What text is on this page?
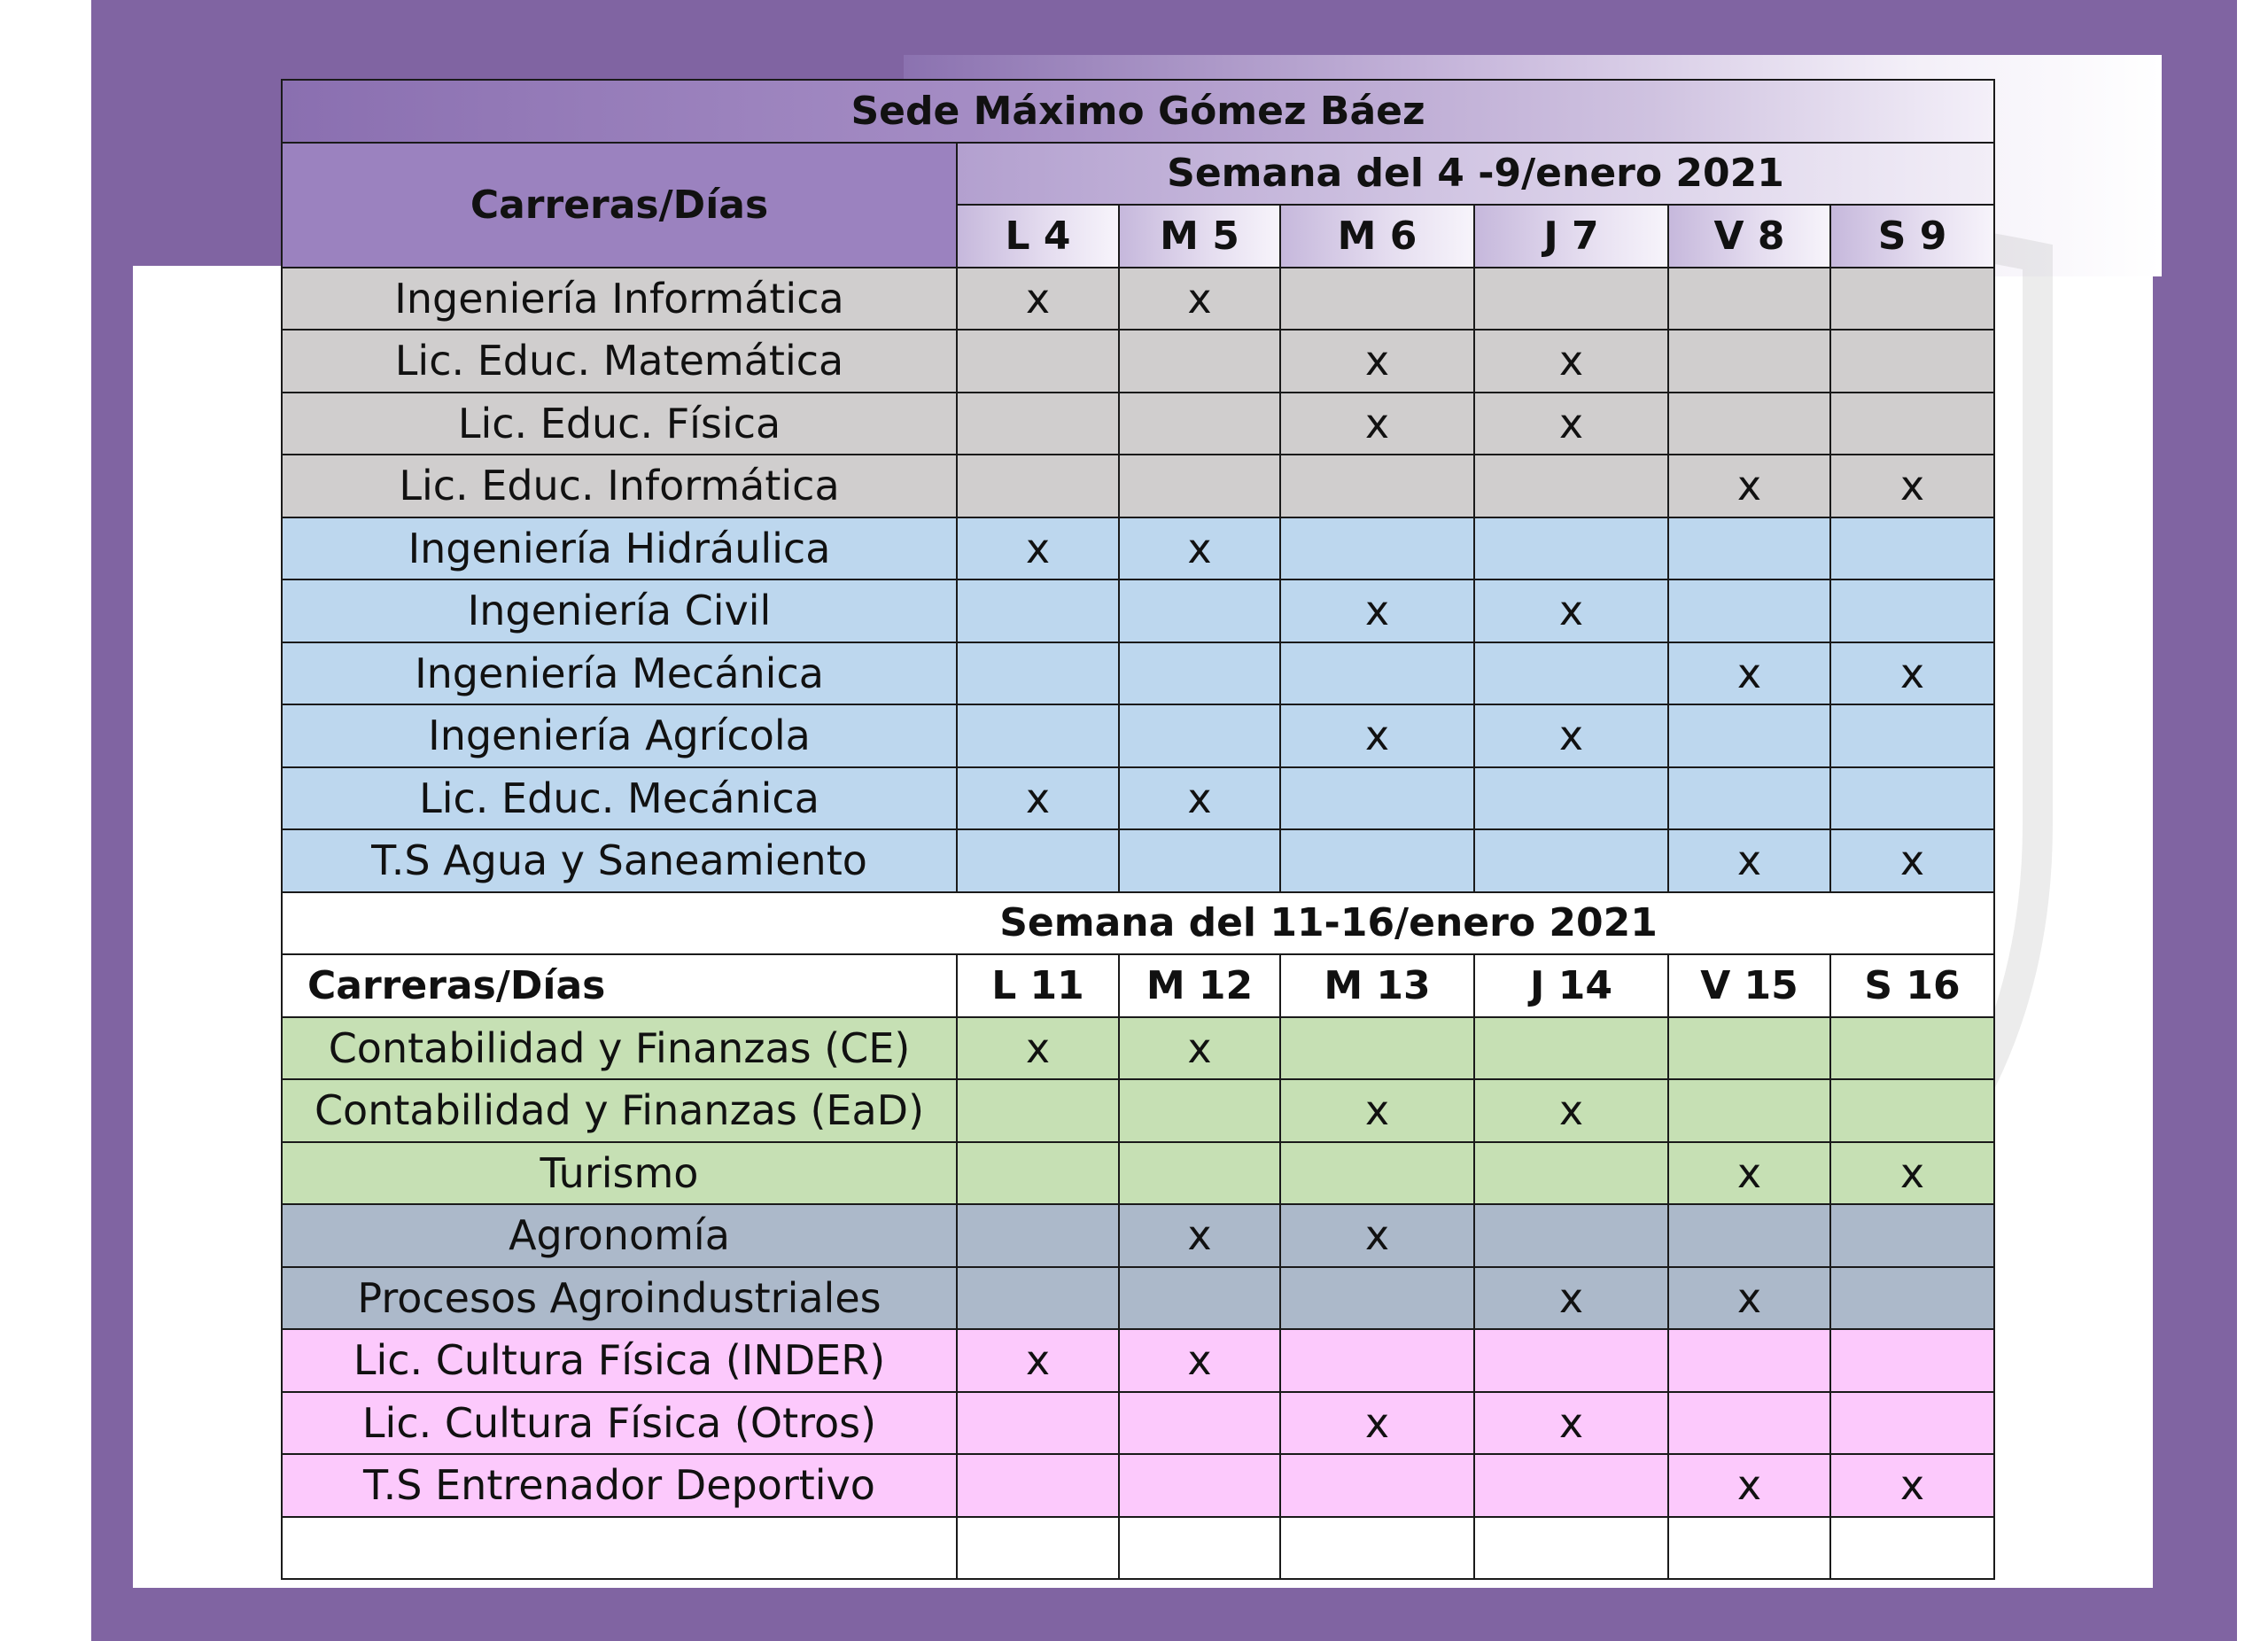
Sede Máximo Gómez Báez						
Carreras/Días	Semana del 4 -9/enero 2021					
	L 4	M 5	M 6	J 7	V 8	S 9
Ingeniería Informática	x	x				
Lic. Educ. Matemática			x	x		
Lic. Educ. Física			x	x		
Lic. Educ. Informática					x	x
Ingeniería Hidráulica	x	x				
Ingeniería Civil			x	x		
Ingeniería Mecánica					x	x
Ingeniería Agrícola			x	x		
Lic. Educ. Mecánica	x	x				
T.S Agua y Saneamiento					x	x
Semana del 11-16/enero 2021						
Carreras/Días	L 11	M 12	M 13	J 14	V 15	S 16
Contabilidad y Finanzas (CE)	x	x				
Contabilidad y Finanzas (EaD)			x	x		
Turismo					x	x
Agronomía		x	x			
Procesos Agroindustriales				x	x	
Lic. Cultura Física (INDER)	x	x				
Lic. Cultura Física (Otros)			x	x		
T.S Entrenador Deportivo					x	x
